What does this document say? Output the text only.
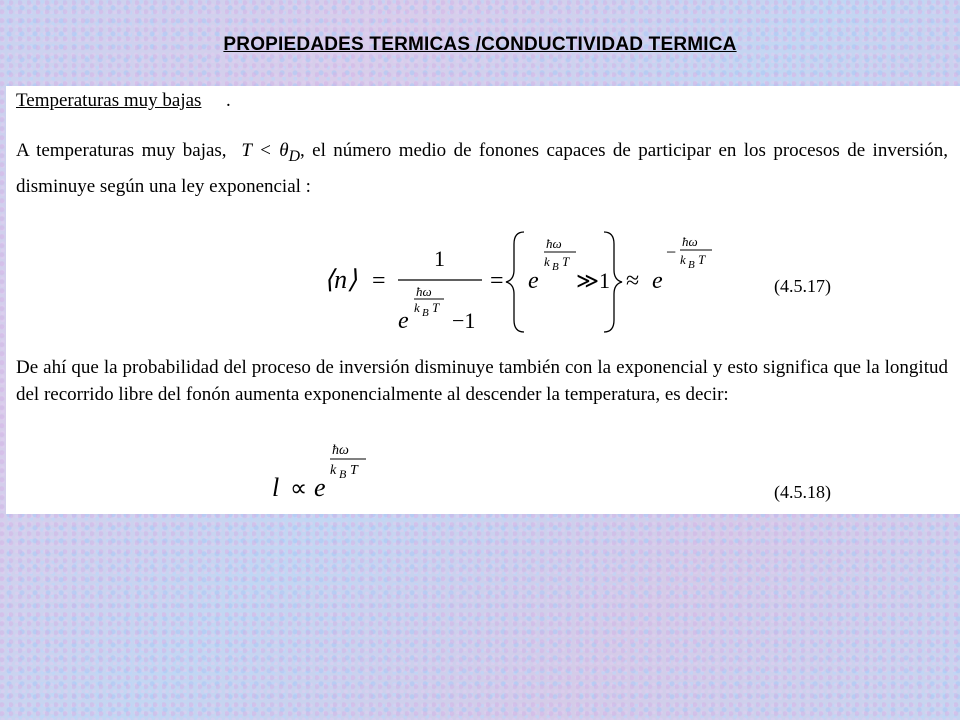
PROPIEDADES TERMICAS /CONDUCTIVIDAD TERMICA
Temperaturas muy bajas .
A temperaturas muy bajas, $T < \theta_D$, el número medio de fonones capaces de participar en los procesos de inversión, disminuye según una ley exponencial :
⟨n⟩ =
1
e
ħω
k B T
−1
= e
ħω
k B T
≫1 ≈ e
−
ħω
k B T
(4.5.17)
De ahí que la probabilidad del proceso de inversión disminuye también con la exponencial y esto significa que la longitud del recorrido libre del fonón aumenta exponencialmente al descender la temperatura, es decir:
l ∝ e
ħω
k B T
(4.5.18)
